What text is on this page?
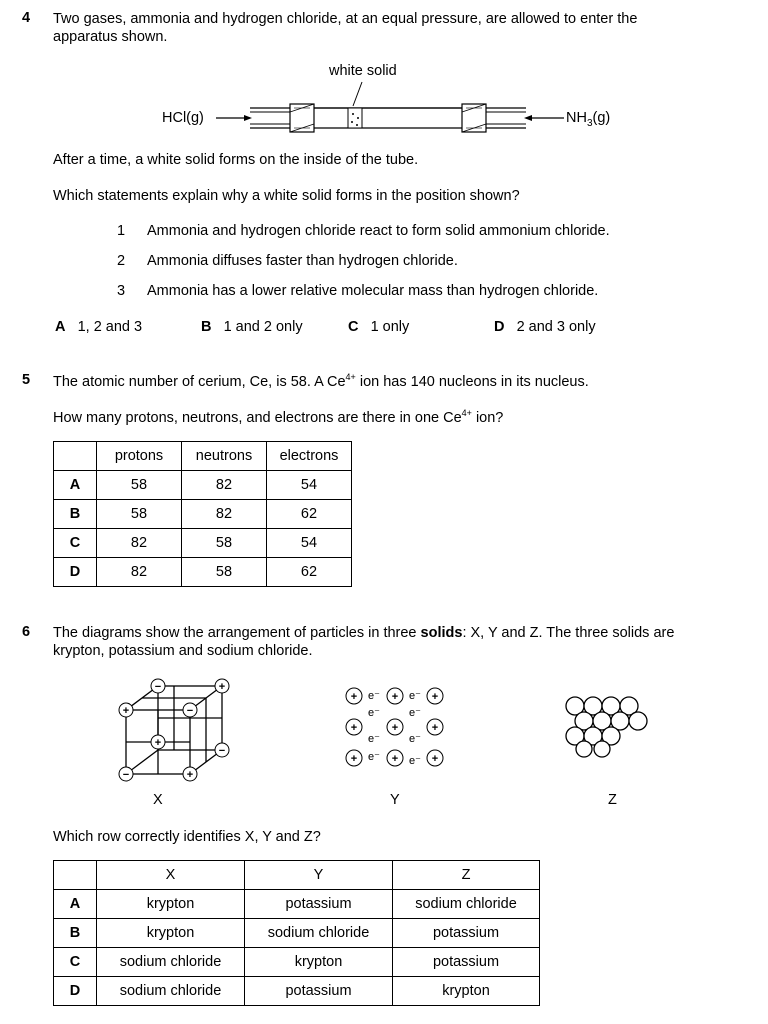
4 Two gases, ammonia and hydrogen chloride, at an equal pressure, are allowed to enter the
apparatus shown.
white solid
HCl(g)	$NH_3(g)$
After a time, a white solid forms on the inside of the tube.
Which statements explain why a white solid forms in the position shown?
1	Ammonia and hydrogen chloride react to form solid ammonium chloride.
2	Ammonia diffuses faster than hydrogen chloride.
3	Ammonia has a lower relative molecular mass than hydrogen chloride.
A 1, 2 and 3	B 1 and 2 only	C 1 only	D 2 and 3 only
5 The atomic number of cerium, Ce, is 58. A $Ce^{4+}$ ion has 140 nucleons in its nucleus.
How many protons, neutrons, and electrons are there in one $Ce^{4+}$ ion?
	protons	neutrons	electrons
A	58	82	54
B	58	82	62
C	82	58	54
D	82	58	62
6 The diagrams show the arrangement of particles in three solids: X, Y and Z. The three solids are
krypton, potassium and sodium chloride.
−	+
+	−
+
−
−	+
X
+	+	+
+	+	+
+	+	+
e⁻	e⁻
e⁻	e⁻
e⁻	e⁻
e⁻	e⁻
Y	Z
Which row correctly identifies X, Y and Z?
	X	Y	Z
A	krypton	potassium	sodium chloride
B	krypton	sodium chloride	potassium
C	sodium chloride	krypton	potassium
D	sodium chloride	potassium	krypton
